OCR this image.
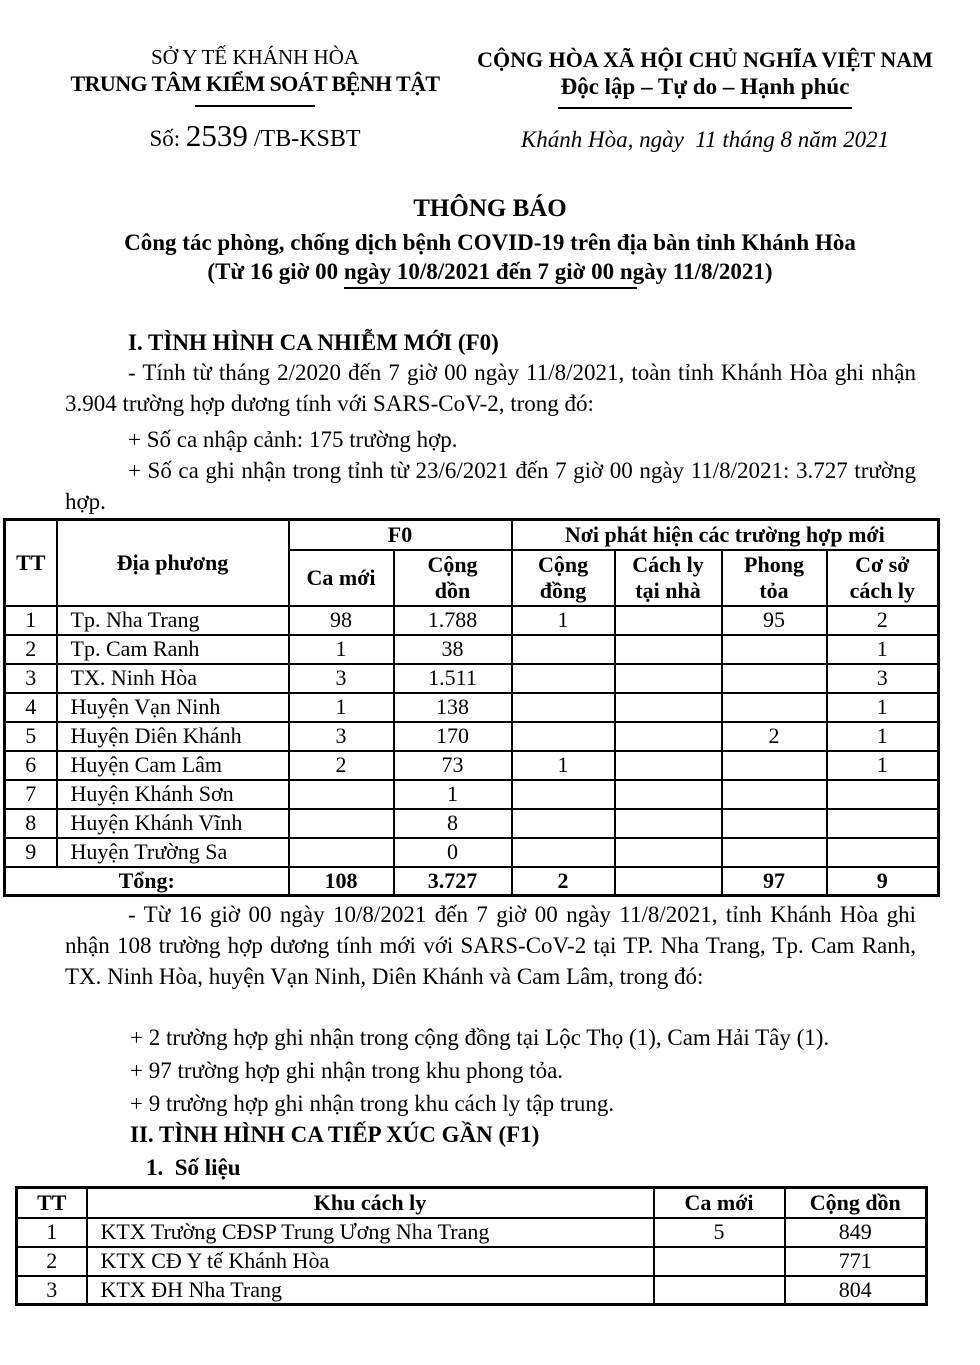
SỞ Y TẾ KHÁNH HÒA
TRUNG TÂM KIỂM SOÁT BỆNH TẬT
Số: 2539 /TB-KSBT
CỘNG HÒA XÃ HỘI CHỦ NGHĨA VIỆT NAM
Độc lập – Tự do – Hạnh phúc
Khánh Hòa, ngày  11 tháng 8 năm 2021
THÔNG BÁO
Công tác phòng, chống dịch bệnh COVID-19 trên địa bàn tỉnh Khánh Hòa
(Từ 16 giờ 00 ngày 10/8/2021 đến 7 giờ 00 ngày 11/8/2021)
I. TÌNH HÌNH CA NHIỄM MỚI (F0)
- Tính từ tháng 2/2020 đến 7 giờ 00 ngày 11/8/2021, toàn tỉnh Khánh Hòa ghi nhận 3.904 trường hợp dương tính với SARS-CoV-2, trong đó:
+ Số ca nhập cảnh: 175 trường hợp.
+ Số ca ghi nhận trong tỉnh từ 23/6/2021 đến 7 giờ 00 ngày 11/8/2021: 3.727 trường hợp.
TT	Địa phương	F0		Nơi phát hiện các trường hợp mới			
		Ca mới	Cộng dồn	Cộng đồng	Cách ly tại nhà	Phong tỏa	Cơ sở cách ly
1	Tp. Nha Trang	98	1.788	1		95	2
2	Tp. Cam Ranh	1	38				1
3	TX. Ninh Hòa	3	1.511				3
4	Huyện Vạn Ninh	1	138				1
5	Huyện Diên Khánh	3	170			2	1
6	Huyện Cam Lâm	2	73	1			1
7	Huyện Khánh Sơn		1				
8	Huyện Khánh Vĩnh		8				
9	Huyện Trường Sa		0				
Tổng:		108	3.727	2		97	9
- Từ 16 giờ 00 ngày 10/8/2021 đến 7 giờ 00 ngày 11/8/2021, tỉnh Khánh Hòa ghi nhận 108 trường hợp dương tính mới với SARS-CoV-2 tại TP. Nha Trang, Tp. Cam Ranh, TX. Ninh Hòa, huyện Vạn Ninh, Diên Khánh và Cam Lâm, trong đó:
+ 2 trường hợp ghi nhận trong cộng đồng tại Lộc Thọ (1), Cam Hải Tây (1).
+ 97 trường hợp ghi nhận trong khu phong tỏa.
+ 9 trường hợp ghi nhận trong khu cách ly tập trung.
II. TÌNH HÌNH CA TIẾP XÚC GẦN (F1)
1.  Số liệu
TT	Khu cách ly	Ca mới	Cộng dồn
1	KTX Trường CĐSP Trung Ương Nha Trang	5	849
2	KTX CĐ Y tế Khánh Hòa		771
3	KTX ĐH Nha Trang		804
